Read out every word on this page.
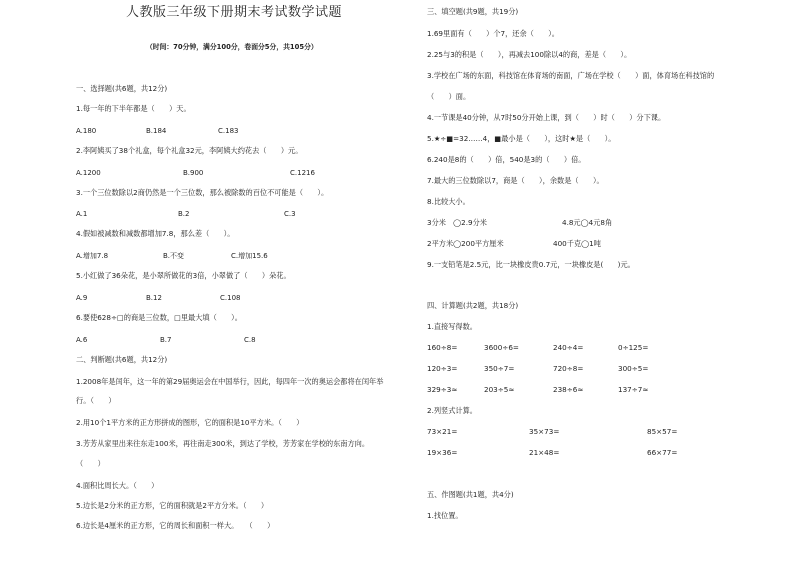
人教版三年级下册期末考试数学试题
（时间：70分钟，满分100分，卷面分5分，共105分）
一、选择题(共6题，共12分)
1.每一年的下半年都是（　　）天。
A.180	B.184	C.183
2.李阿姨买了38个礼盒，每个礼盒32元，李阿姨大约花去（　　）元。
A.1200	B.900	C.1216
3.一个三位数除以2商仍然是一个三位数，那么被除数的百位不可能是（　　）。
A.1	B.2	C.3
4.假如被减数和减数都增加7.8，那么差（　　）。
A.增加7.8	B.不变	C.增加15.6
5.小红做了36朵花，是小翠所做花的3倍，小翠做了（　　）朵花。
A.9	B.12	C.108
6.要使628÷□的商是三位数，□里最大填（　　）。
A.6	B.7	C.8
二、判断题(共6题，共12分)
1.2008年是闰年，这一年的第29届奥运会在中国举行，因此，每四年一次的奥运会都将在闰年举
行。（　　）
2.用10个1平方米的正方形拼成的图形，它的面积是10平方米。（　　）
3.芳芳从家里出来往东走100米，再往南走300米，到达了学校，芳芳家在学校的东南方向。
（　　）
4.面积比周长大。（　　）
5.边长是2分米的正方形，它的面积就是2平方分米。（　　）
6.边长是4厘米的正方形，它的周长和面积一样大。　　（　　）
三、填空题(共9题，共19分)
1.69里面有（　　）个7，还余（　　）。
2.25与3的积是（　　），再减去100除以4的商，差是（　　）。
3.学校在广场的东面，科技馆在体育场的南面，广场在学校（　　）面，体育场在科技馆的
（　　）面。
4.一节课是40分钟，从7时50分开始上课，到（　　）时（　　）分下课。
5.★÷■=32……4，■最小是（　　），这时★是（　　）。
6.240是8的（　　）倍，540是3的（　　）倍。
7.最大的三位数除以7，商是（　　），余数是（　　）。
8.比较大小。
3分米　◯2.9分米	4.8元◯4元8角
2平方米◯200平方厘米	400千克◯1吨
9.一支铅笔是2.5元，比一块橡皮贵0.7元，一块橡皮是(　　)元。
四、计算题(共2题，共18分)
1.直接写得数。
160÷8=	3600÷6=	240÷4=	0÷125=
120÷3=	350÷7=	720÷8=	300÷5=
329÷3≈	203÷5≈	238÷6≈	137÷7≈
2.列竖式计算。
73×21=	35×73=	85×57=
19×36=	21×48=	66×77=
五、作图题(共1题，共4分)
1.找位置。
